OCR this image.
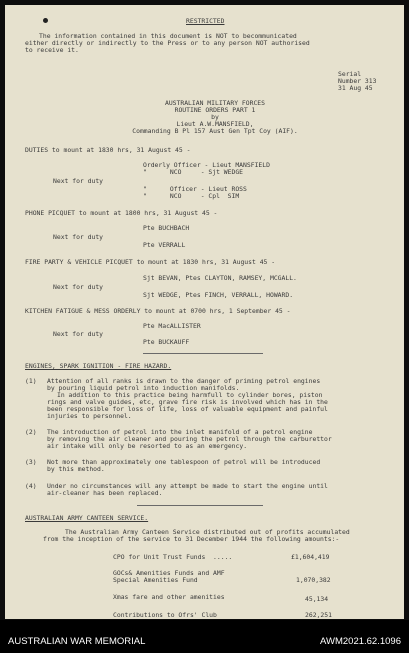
RESTRICTED
The information contained in this document is NOT to becommunicated
either directly or indirectly to the Press or to any person NOT authorised
to receive it.
Serial
Number 313
31 Aug 45
AUSTRALIAN MILITARY FORCES
ROUTINE ORDERS PART 1
by
Lieut A.W.MANSFIELD,
Commanding B Pl 157 Aust Gen Tpt Coy (AIF).
DUTIES to mount at 1830 hrs, 31 August 45 -
Orderly Officer - Lieut MANSFIELD
"      NCO     - Sjt WEDGE
Next for duty
"      Officer - Lieut ROSS
"      NCO     - Cpl  SIM
PHONE PICQUET to mount at 1800 hrs, 31 August 45 -
Pte BUCHBACH
Next for duty
Pte VERRALL
FIRE PARTY & VEHICLE PICQUET to mount at 1830 hrs, 31 August 45 -
Sjt BEVAN, Ptes CLAYTON, RAMSEY, MCGALL.
Next for duty
Sjt WEDGE, Ptes FINCH, VERRALL, HOWARD.
KITCHEN FATIGUE & MESS ORDERLY to mount at 0700 hrs, 1 September 45 -
Pte MacALLISTER
Next for duty
Pte BUCKAUFF
ENGINES, SPARK IGNITION - FIRE HAZARD.
(1) Attention of all ranks is drawn to the danger of priming petrol engines
by pouring liquid petrol into induction manifolds.
In addition to this practice being harmfull to cylinder bores, piston
rings and valve guides, etc, grave fire risk is involved which has in the
been responsible for loss of life, loss of valuable equipment and painful
injuries to personnel.
(2) The introduction of petrol into the inlet manifold of a petrol engine
by removing the air cleaner and pouring the petrol through the carburettor
air intake will only be resorted to as an emergency.
(3) Not more than approximately one tablespoon of petrol will be introduced
by this method.
(4) Under no circumstances will any attempt be made to start the engine until
air-cleaner has been replaced.
AUSTRALIAN ARMY CANTEEN SERVICE.
The Australian Army Canteen Service distributed out of profits accumulated
from the inception of the service to 31 December 1944 the following amounts:-
CPO for Unit Trust Funds  .....	£1,604,419
GOCs& Amenities Funds and AMF
Special Amenities Fund	1,070,382
Xmas fare and other amenities	45,134
Contributions to Ofrs' Club	262,251
AUSTRALIAN WAR MEMORIAL	AWM2021.62.1096
